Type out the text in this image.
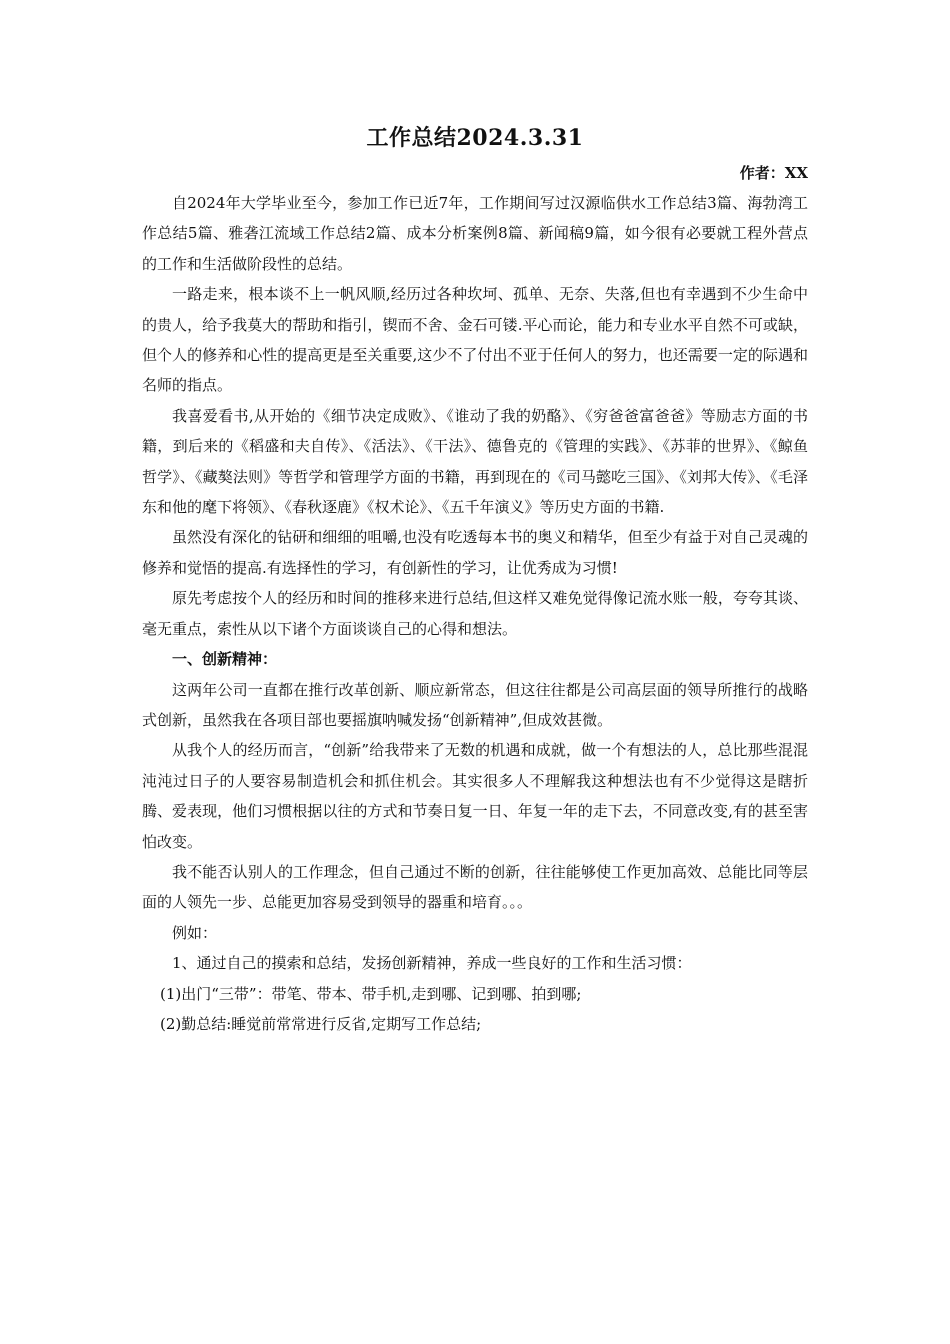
工作总结2024.3.31

作者：XX

自2024年大学毕业至今，参加工作已近7年，工作期间写过汉源临供水工作总结3篇、海勃湾工作总结5篇、雅砻江流域工作总结2篇、成本分析案例8篇、新闻稿9篇，如今很有必要就工程外营点的工作和生活做阶段性的总结。

一路走来，根本谈不上一帆风顺,经历过各种坎坷、孤单、无奈、失落,但也有幸遇到不少生命中的贵人，给予我莫大的帮助和指引，锲而不舍、金石可镂.平心而论，能力和专业水平自然不可或缺，但个人的修养和心性的提高更是至关重要,这少不了付出不亚于任何人的努力，也还需要一定的际遇和名师的指点。

我喜爱看书,从开始的《细节决定成败》、《谁动了我的奶酪》、《穷爸爸富爸爸》等励志方面的书籍，到后来的《稻盛和夫自传》、《活法》、《干法》、德鲁克的《管理的实践》、《苏菲的世界》、《鲸鱼哲学》、《藏獒法则》等哲学和管理学方面的书籍，再到现在的《司马懿吃三国》、《刘邦大传》、《毛泽东和他的麾下将领》、《春秋逐鹿》《权术论》、《五千年演义》等历史方面的书籍.

虽然没有深化的钻研和细细的咀嚼,也没有吃透每本书的奥义和精华，但至少有益于对自己灵魂的修养和觉悟的提高.有选择性的学习，有创新性的学习，让优秀成为习惯!

原先考虑按个人的经历和时间的推移来进行总结,但这样又难免觉得像记流水账一般，夸夸其谈、毫无重点，索性从以下诸个方面谈谈自己的心得和想法。

一、创新精神：

这两年公司一直都在推行改革创新、顺应新常态，但这往往都是公司高层面的领导所推行的战略式创新，虽然我在各项目部也要摇旗呐喊发扬“创新精神”,但成效甚微。

从我个人的经历而言，“创新”给我带来了无数的机遇和成就，做一个有想法的人，总比那些混混沌沌过日子的人要容易制造机会和抓住机会。其实很多人不理解我这种想法也有不少觉得这是瞎折腾、爱表现，他们习惯根据以往的方式和节奏日复一日、年复一年的走下去，不同意改变,有的甚至害怕改变。

我不能否认别人的工作理念，但自己通过不断的创新，往往能够使工作更加高效、总能比同等层面的人领先一步、总能更加容易受到领导的器重和培育。。。

例如：

1、通过自己的摸索和总结，发扬创新精神，养成一些良好的工作和生活习惯：

(1)出门“三带”：带笔、带本、带手机,走到哪、记到哪、拍到哪;

(2)勤总结:睡觉前常常进行反省,定期写工作总结;
